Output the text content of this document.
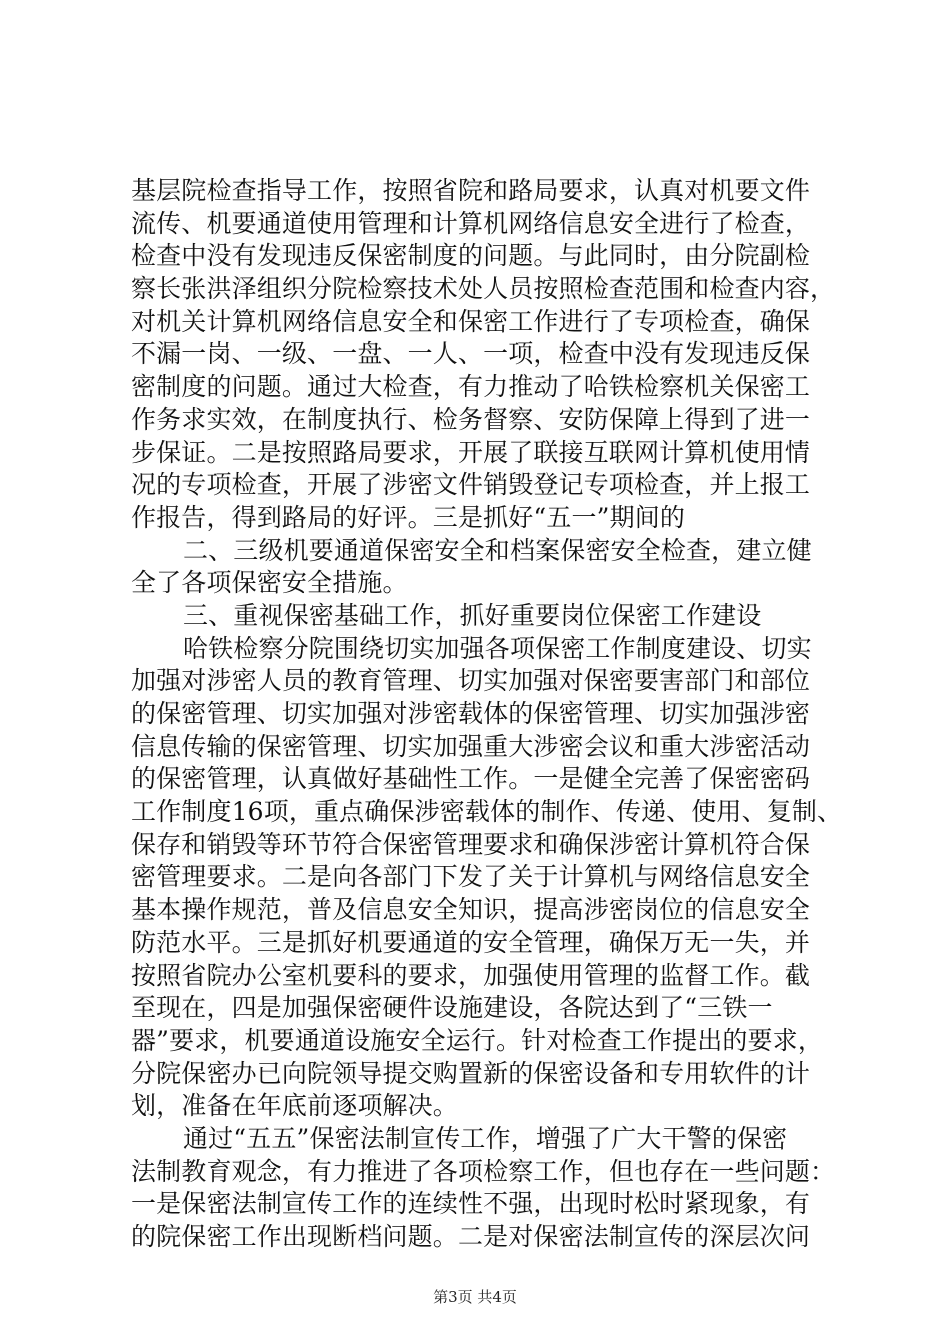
基层院检查指导工作，按照省院和路局要求，认真对机要文件
流传、机要通道使用管理和计算机网络信息安全进行了检查，
检查中没有发现违反保密制度的问题。与此同时，由分院副检
察长张洪泽组织分院检察技术处人员按照检查范围和检查内容，
对机关计算机网络信息安全和保密工作进行了专项检查，确保
不漏一岗、一级、一盘、一人、一项，检查中没有发现违反保
密制度的问题。通过大检查，有力推动了哈铁检察机关保密工
作务求实效，在制度执行、检务督察、安防保障上得到了进一
步保证。二是按照路局要求，开展了联接互联网计算机使用情
况的专项检查，开展了涉密文件销毁登记专项检查，并上报工
作报告，得到路局的好评。三是抓好“五一”期间的
二、三级机要通道保密安全和档案保密安全检查，建立健
全了各项保密安全措施。
三、重视保密基础工作，抓好重要岗位保密工作建设
哈铁检察分院围绕切实加强各项保密工作制度建设、切实
加强对涉密人员的教育管理、切实加强对保密要害部门和部位
的保密管理、切实加强对涉密载体的保密管理、切实加强涉密
信息传输的保密管理、切实加强重大涉密会议和重大涉密活动
的保密管理，认真做好基础性工作。一是健全完善了保密密码
工作制度16项，重点确保涉密载体的制作、传递、使用、复制、
保存和销毁等环节符合保密管理要求和确保涉密计算机符合保
密管理要求。二是向各部门下发了关于计算机与网络信息安全
基本操作规范，普及信息安全知识，提高涉密岗位的信息安全
防范水平。三是抓好机要通道的安全管理，确保万无一失，并
按照省院办公室机要科的要求，加强使用管理的监督工作。截
至现在，四是加强保密硬件设施建设，各院达到了“三铁一
器”要求，机要通道设施安全运行。针对检查工作提出的要求，
分院保密办已向院领导提交购置新的保密设备和专用软件的计
划，准备在年底前逐项解决。
通过“五五”保密法制宣传工作，增强了广大干警的保密
法制教育观念，有力推进了各项检察工作，但也存在一些问题：
一是保密法制宣传工作的连续性不强，出现时松时紧现象，有
的院保密工作出现断档问题。二是对保密法制宣传的深层次问
第3页 共4页
